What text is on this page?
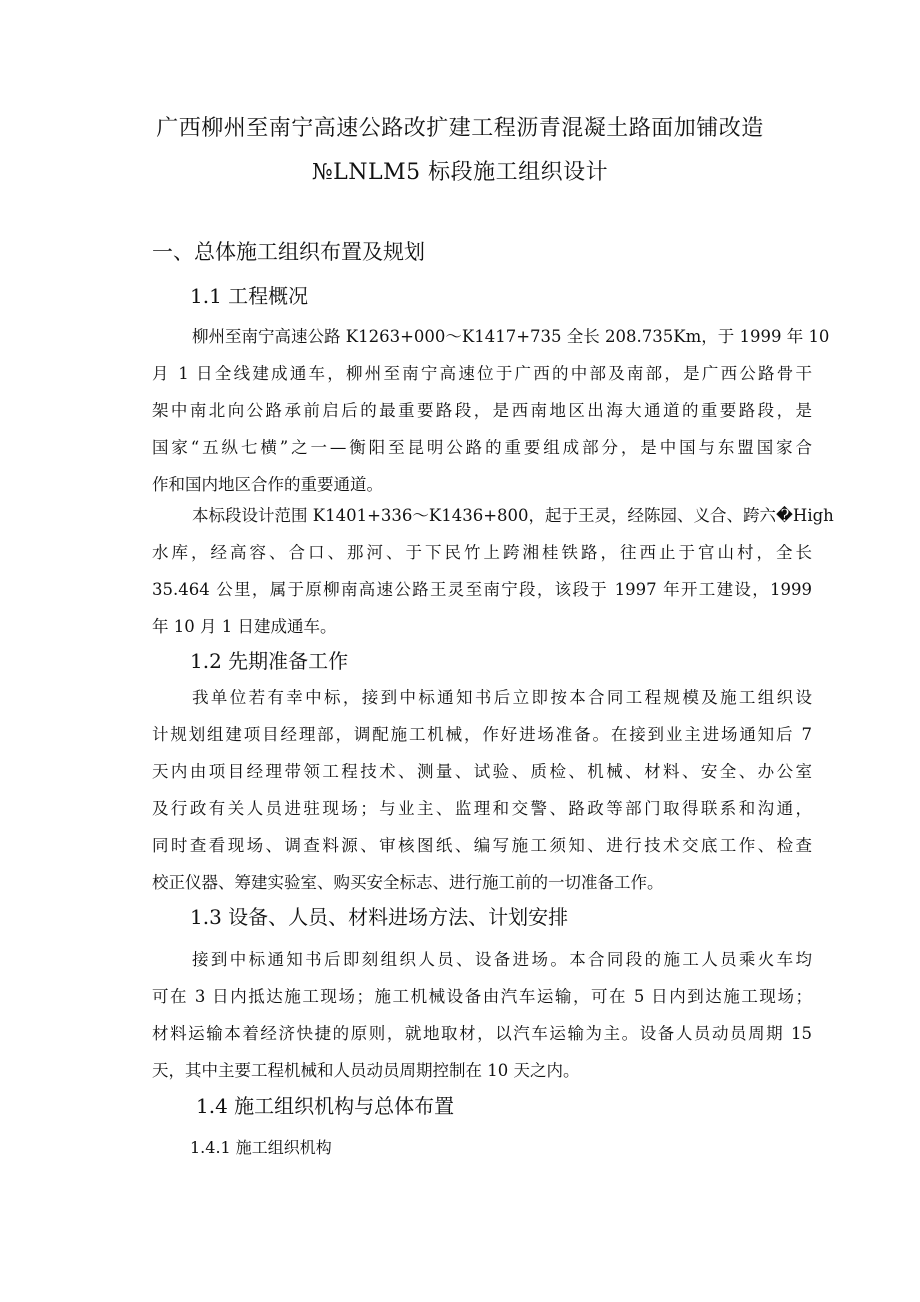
广西柳州至南宁高速公路改扩建工程沥青混凝土路面加铺改造
№LNLM5 标段施工组织设计
一、总体施工组织布置及规划
1.1 工程概况
柳州至南宁高速公路 K1263+000～K1417+735 全长 208.735Km，于 1999 年 10
月 1 日全线建成通车，柳州至南宁高速位于广西的中部及南部，是广西公路骨干
架中南北向公路承前启后的最重要路段，是西南地区出海大通道的重要路段，是
国家“五纵七横”之一—衡阳至昆明公路的重要组成部分，是中国与东盟国家合
作和国内地区合作的重要通道。
本标段设计范围 K1401+336～K1436+800，起于王灵，经陈园、义合、跨六�High
水库，经高容、合口、那河、于下民竹上跨湘桂铁路，往西止于官山村，全长
35.464 公里，属于原柳南高速公路王灵至南宁段，该段于 1997 年开工建设，1999
年 10 月 1 日建成通车。
1.2 先期准备工作
我单位若有幸中标，接到中标通知书后立即按本合同工程规模及施工组织设
计规划组建项目经理部，调配施工机械，作好进场准备。在接到业主进场通知后 7
天内由项目经理带领工程技术、测量、试验、质检、机械、材料、安全、办公室
及行政有关人员进驻现场；与业主、监理和交警、路政等部门取得联系和沟通，
同时查看现场、调查料源、审核图纸、编写施工须知、进行技术交底工作、检查
校正仪器、筹建实验室、购买安全标志、进行施工前的一切准备工作。
1.3 设备、人员、材料进场方法、计划安排
接到中标通知书后即刻组织人员、设备进场。本合同段的施工人员乘火车均
可在 3 日内抵达施工现场；施工机械设备由汽车运输，可在 5 日内到达施工现场；
材料运输本着经济快捷的原则，就地取材，以汽车运输为主。设备人员动员周期 15
天，其中主要工程机械和人员动员周期控制在 10 天之内。
1.4 施工组织机构与总体布置
1.4.1 施工组织机构
